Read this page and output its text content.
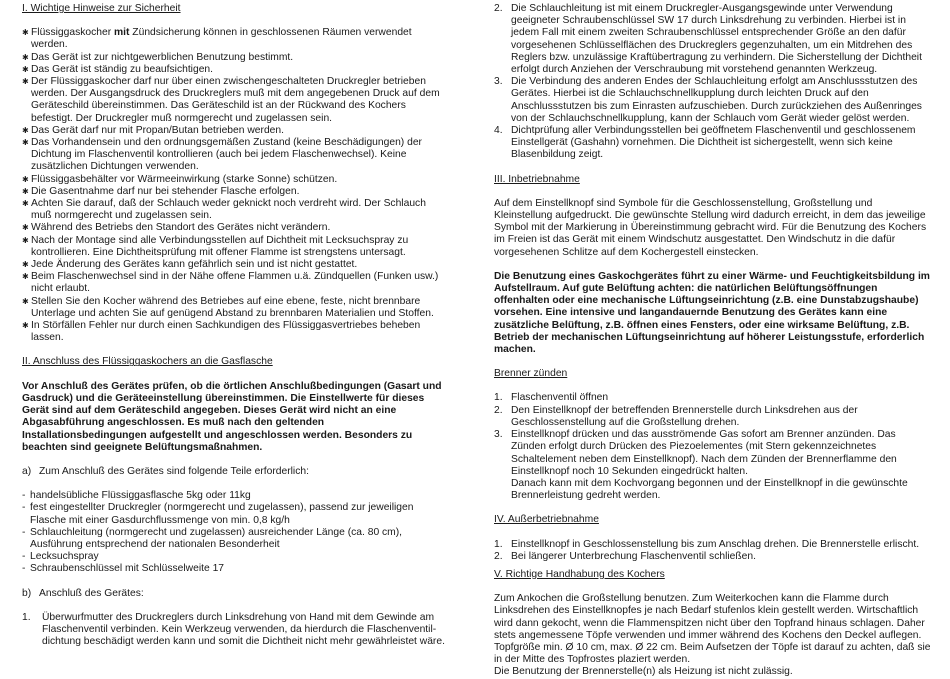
I. Wichtige Hinweise zur Sicherheit

✱ Flüssiggaskocher mit Zündsicherung können in geschlossenen Räumen verwendet werden.
✱ Das Gerät ist zur nichtgewerblichen Benutzung bestimmt.
✱ Das Gerät ist ständig zu beaufsichtigen.
✱ Der Flüssiggaskocher darf nur über einen zwischengeschalteten Druckregler betrieben werden. Der Ausgangsdruck des Druckreglers muß mit dem angegebenen Druck auf dem Geräteschild übereinstimmen. Das Geräteschild ist an der Rückwand des Kochers befestigt. Der Druckregler muß normgerecht und zugelassen sein.
✱ Das Gerät darf nur mit Propan/Butan betrieben werden.
✱ Das Vorhandensein und den ordnungsgemäßen Zustand (keine Beschädigungen) der Dichtung im Flaschenventil kontrollieren (auch bei jedem Flaschenwechsel). Keine zusätzlichen Dichtungen verwenden.
✱ Flüssiggasbehälter vor Wärmeeinwirkung (starke Sonne) schützen.
✱ Die Gasentnahme darf nur bei stehender Flasche erfolgen.
✱ Achten Sie darauf, daß der Schlauch weder geknickt noch verdreht wird. Der Schlauch muß normgerecht und zugelassen sein.
✱ Während des Betriebs den Standort des Gerätes nicht verändern.
✱ Nach der Montage sind alle Verbindungsstellen auf Dichtheit mit Lecksuchspray zu kontrollieren. Eine Dichtheitsprüfung mit offener Flamme ist strengstens untersagt.
✱ Jede Änderung des Gerätes kann gefährlich sein und ist nicht gestattet.
✱ Beim Flaschenwechsel sind in der Nähe offene Flammen u.ä. Zündquellen (Funken usw.) nicht erlaubt.
✱ Stellen Sie den Kocher während des Betriebes auf eine ebene, feste, nicht brennbare Unterlage und achten Sie auf genügend Abstand zu brennbaren Materialien und Stoffen.
✱ In Störfällen Fehler nur durch einen Sachkundigen des Flüssiggasvertriebes beheben lassen.

II. Anschluss des Flüssiggaskochers an die Gasflasche

Vor Anschluß des Gerätes prüfen, ob die örtlichen Anschlußbedingungen (Gasart und Gasdruck) und die Geräteeinstellung übereinstimmen. Die Einstellwerte für dieses Gerät sind auf dem Geräteschild angegeben. Dieses Gerät wird nicht an eine Abgasabführung angeschlossen. Es muß nach den geltenden Installationsbedingungen aufgestellt und angeschlossen werden. Besonders zu beachten sind geeignete Belüftungsmaßnahmen.

a) Zum Anschluß des Gerätes sind folgende Teile erforderlich:
- handelsübliche Flüssiggasflasche 5kg oder 11kg
- fest eingestellter Druckregler (normgerecht und zugelassen), passend zur jeweiligen Flasche mit einer Gasdurchflussmenge von min. 0,8 kg/h
- Schlauchleitung (normgerecht und zugelassen) ausreichender Länge (ca. 80 cm), Ausführung entsprechend der nationalen Besonderheit
- Lecksuchspray
- Schraubenschlüssel mit Schlüsselweite 17
b) Anschluß des Gerätes:
1.	Überwurfmutter des Druckreglers durch Linksdrehung von Hand mit dem Gewinde am Flaschenventil verbinden. Kein Werkzeug verwenden, da hierdurch die Flaschenventil-dichtung beschädigt werden kann und somit die Dichtheit nicht mehr gewährleistet wäre.
2. Die Schlauchleitung ist mit einem Druckregler-Ausgangsgewinde unter Verwendung geeigneter Schraubenschlüssel SW 17 durch Linksdrehung zu verbinden. Hierbei ist in jedem Fall mit einem zweiten Schraubenschlüssel entsprechender Größe an den dafür vorgesehenen Schlüsselflächen des Druckreglers gegenzuhalten, um ein Mitdrehen des Reglers bzw. unzulässige Kraftübertragung zu verhindern. Die Sicherstellung der Dichtheit erfolgt durch Anziehen der Verschraubung mit vorstehend genannten Werkzeug.
3. Die Verbindung des anderen Endes der Schlauchleitung erfolgt am Anschlussstutzen des Gerätes. Hierbei ist die Schlauchschnellkupplung durch leichten Druck auf den Anschlussstutzen bis zum Einrasten aufzuschieben. Durch zurückziehen des Außenringes von der Schlauchschnellkupplung, kann der Schlauch vom Gerät wieder gelöst werden.
4. Dichtprüfung aller Verbindungsstellen bei geöffnetem Flaschenventil und geschlossenem Einstellgerät (Gashahn) vornehmen. Die Dichtheit ist sichergestellt, wenn sich keine Blasenbildung zeigt.

III. Inbetriebnahme

Auf dem Einstellknopf sind Symbole für die Geschlossenstellung, Großstellung und Kleinstellung aufgedruckt. Die gewünschte Stellung wird dadurch erreicht, in dem das jeweilige Symbol mit der Markierung in Übereinstimmung gebracht wird. Für die Benutzung des Kochers im Freien ist das Gerät mit einem Windschutz ausgestattet. Den Windschutz in die dafür vorgesehenen Schlitze auf dem Kochergestell einstecken.

Die Benutzung eines Gaskochgerätes führt zu einer Wärme- und Feuchtigkeitsbildung im Aufstellraum. Auf gute Belüftung achten: die natürlichen Belüftungsöffnungen offenhalten oder eine mechanische Lüftungseinrichtung (z.B. eine Dunstabzugshaube) vorsehen. Eine intensive und langandauernde Benutzung des Gerätes kann eine zusätzliche Belüftung, z.B. öffnen eines Fensters, oder eine wirksame Belüftung, z.B. Betrieb der mechanischen Lüftungseinrichtung auf höherer Leistungsstufe, erforderlich machen.

Brenner zünden

1. Flaschenventil öffnen
2. Den Einstellknopf der betreffenden Brennerstelle durch Linksdrehen aus der Geschlossenstellung auf die Großstellung drehen.
3. Einstellknopf drücken und das ausströmende Gas sofort am Brenner anzünden. Das Zünden erfolgt durch Drücken des Piezoelementes (mit Stern gekennzeichnetes Schaltelement neben dem Einstellknopf). Nach dem Zünden der Brennerflamme den Einstellknopf noch 10 Sekunden eingedrückt halten.

Danach kann mit dem Kochvorgang begonnen und der Einstellknopf in die gewünschte Brennerleistung gedreht werden.

IV. Außerbetriebnahme

1. Einstellknopf in Geschlossenstellung bis zum Anschlag drehen. Die Brennerstelle erlischt.
2. Bei längerer Unterbrechung Flaschenventil schließen.

V. Richtige Handhabung des Kochers

Zum Ankochen die Großstellung benutzen. Zum Weiterkochen kann die Flamme durch Linksdrehen des Einstellknopfes je nach Bedarf stufenlos klein gestellt werden. Wirtschaftlich wird dann gekocht, wenn die Flammenspitzen nicht über den Topfrand hinaus schlagen. Daher stets angemessene Töpfe verwenden und immer während des Kochens den Deckel auflegen. Topfgröße min. Ø 10 cm, max. Ø 22 cm. Beim Aufsetzen der Töpfe ist darauf zu achten, daß sie in der Mitte des Topfrostes plaziert werden.

Die Benutzung der Brennerstelle(n) als Heizung ist nicht zulässig.
